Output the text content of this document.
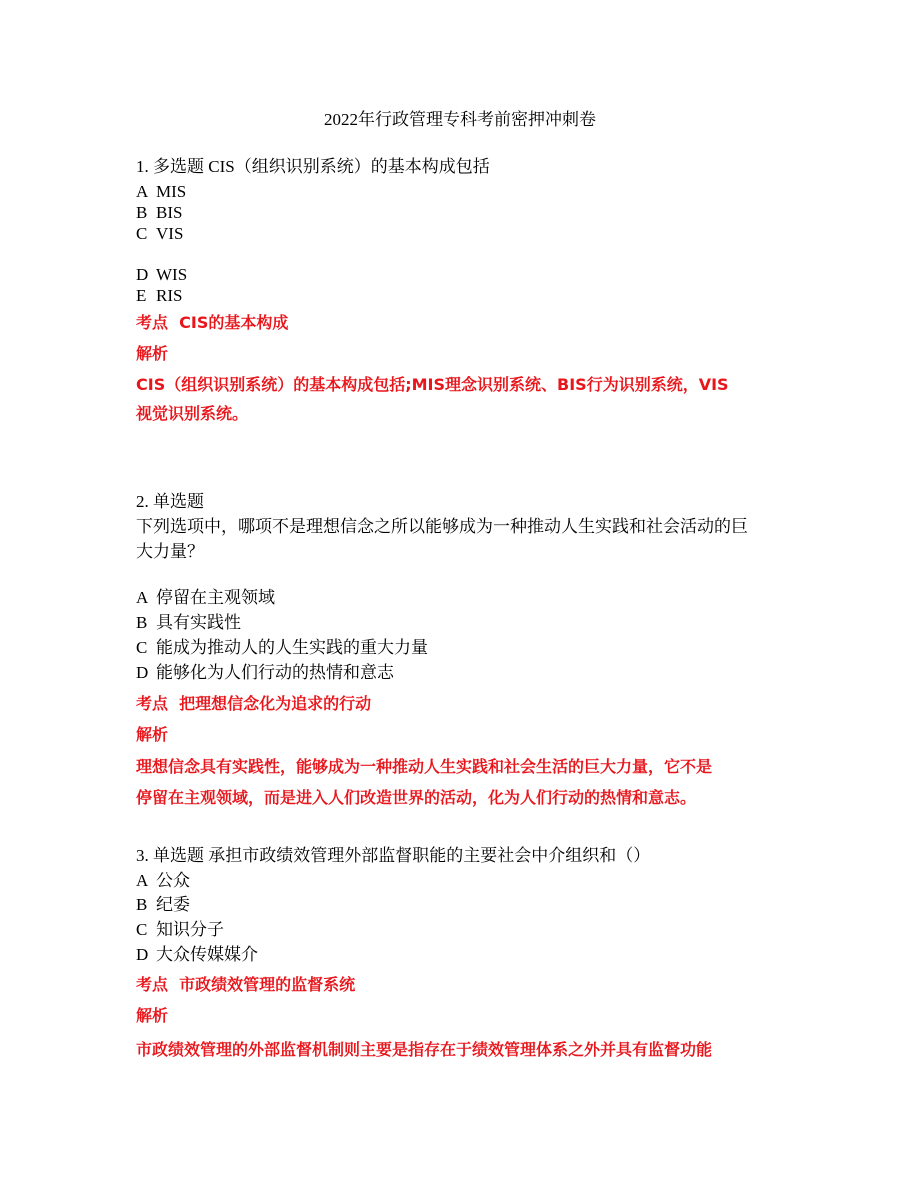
2022年行政管理专科考前密押冲刺卷
1. 多选题 CIS（组织识别系统）的基本构成包括
A MIS
B BIS
C VIS
D WIS
E RIS
考点 CIS的基本构成
解析
CIS（组织识别系统）的基本构成包括;MIS理念识别系统、BIS行为识别系统，VIS
视觉识别系统。
2. 单选题
下列选项中，哪项不是理想信念之所以能够成为一种推动人生实践和社会活动的巨
大力量？
A 停留在主观领域
B 具有实践性
C 能成为推动人的人生实践的重大力量
D 能够化为人们行动的热情和意志
考点 把理想信念化为追求的行动
解析
理想信念具有实践性，能够成为一种推动人生实践和社会生活的巨大力量，它不是
停留在主观领域，而是进入人们改造世界的活动，化为人们行动的热情和意志。
3. 单选题 承担市政绩效管理外部监督职能的主要社会中介组织和（）
A 公众
B 纪委
C 知识分子
D 大众传媒媒介
考点 市政绩效管理的监督系统
解析
市政绩效管理的外部监督机制则主要是指存在于绩效管理体系之外并具有监督功能
